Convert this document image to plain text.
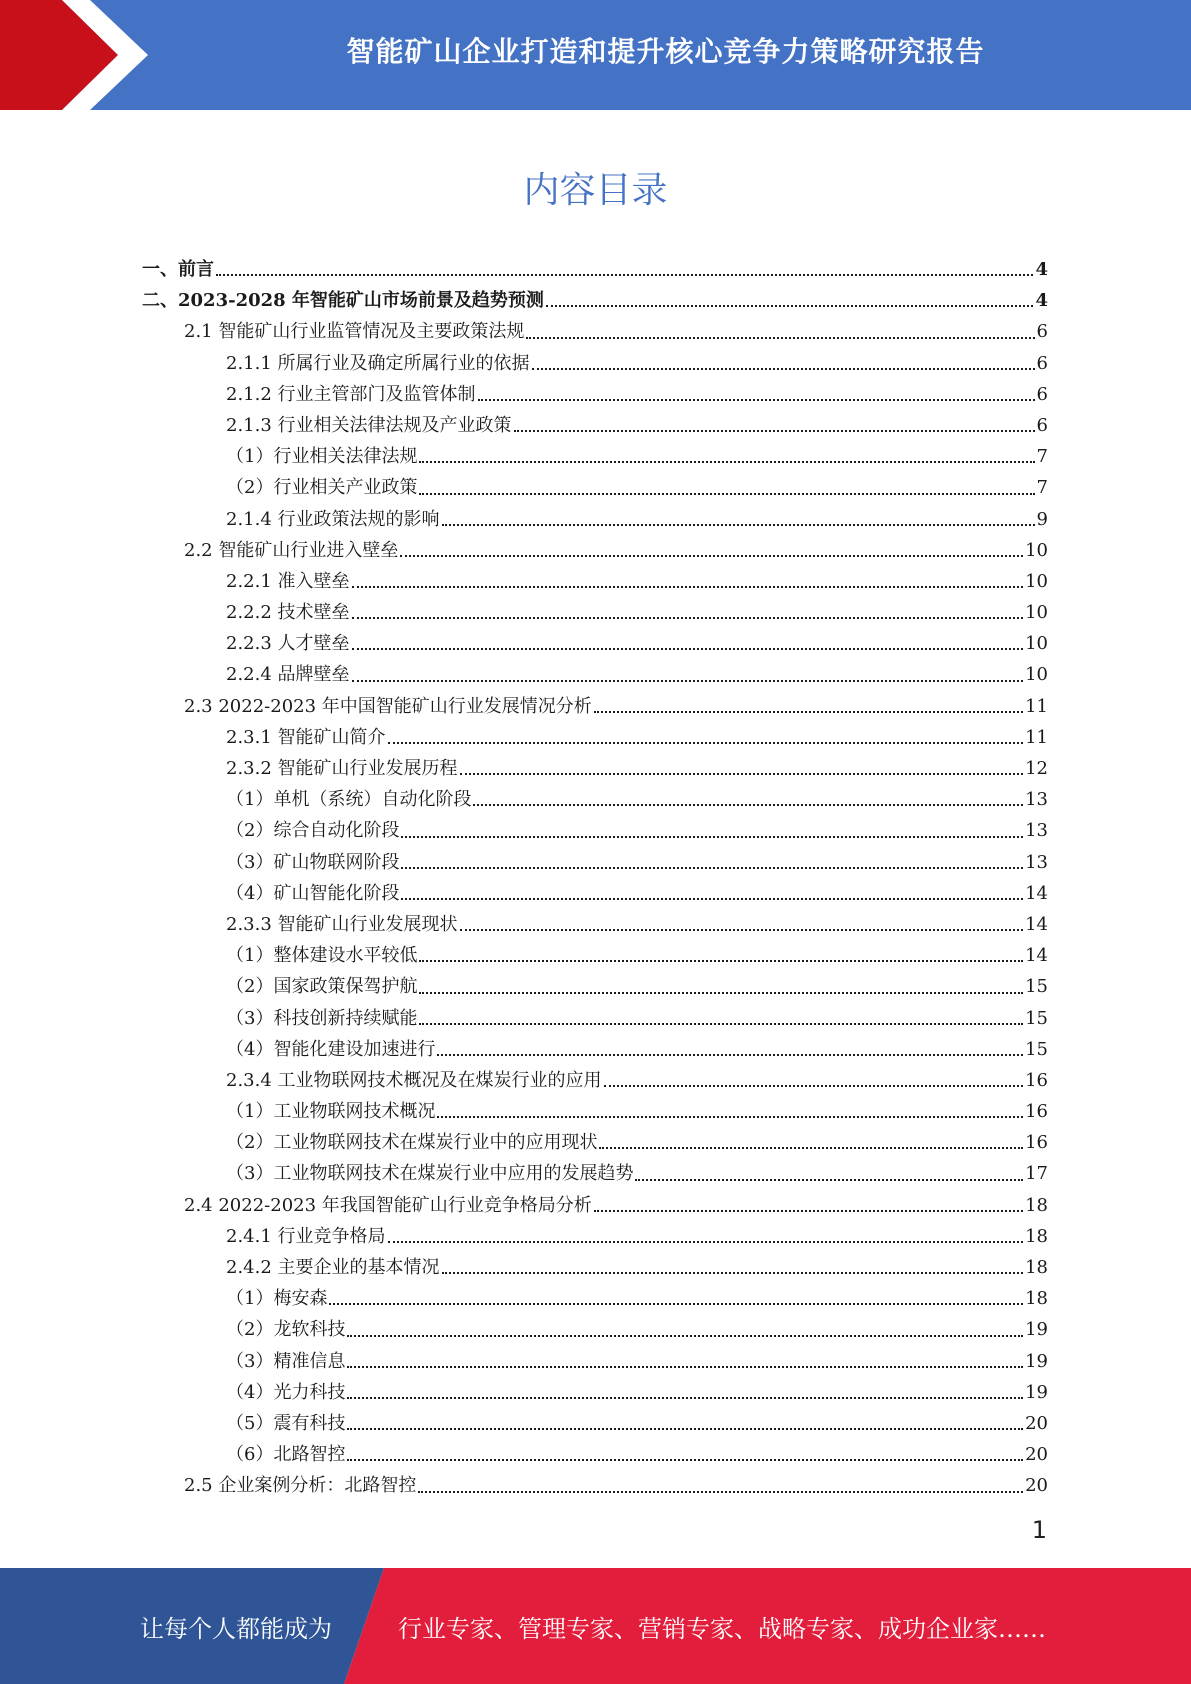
智能矿山企业打造和提升核心竞争力策略研究报告
内容目录
一、前言	4
二、2023-2028 年智能矿山市场前景及趋势预测	4
2.1 智能矿山行业监管情况及主要政策法规	6
2.1.1 所属行业及确定所属行业的依据	6
2.1.2 行业主管部门及监管体制	6
2.1.3 行业相关法律法规及产业政策	6
（1）行业相关法律法规	7
（2）行业相关产业政策	7
2.1.4 行业政策法规的影响	9
2.2 智能矿山行业进入壁垒	10
2.2.1 准入壁垒	10
2.2.2 技术壁垒	10
2.2.3 人才壁垒	10
2.2.4 品牌壁垒	10
2.3 2022-2023 年中国智能矿山行业发展情况分析	11
2.3.1 智能矿山简介	11
2.3.2 智能矿山行业发展历程	12
（1）单机（系统）自动化阶段	13
（2）综合自动化阶段	13
（3）矿山物联网阶段	13
（4）矿山智能化阶段	14
2.3.3 智能矿山行业发展现状	14
（1）整体建设水平较低	14
（2）国家政策保驾护航	15
（3）科技创新持续赋能	15
（4）智能化建设加速进行	15
2.3.4 工业物联网技术概况及在煤炭行业的应用	16
（1）工业物联网技术概况	16
（2）工业物联网技术在煤炭行业中的应用现状	16
（3）工业物联网技术在煤炭行业中应用的发展趋势	17
2.4 2022-2023 年我国智能矿山行业竞争格局分析	18
2.4.1 行业竞争格局	18
2.4.2 主要企业的基本情况	18
（1）梅安森	18
（2）龙软科技	19
（3）精准信息	19
（4）光力科技	19
（5）震有科技	20
（6）北路智控	20
2.5 企业案例分析：北路智控	20
1
让每个人都能成为	行业专家、管理专家、营销专家、战略专家、成功企业家……
